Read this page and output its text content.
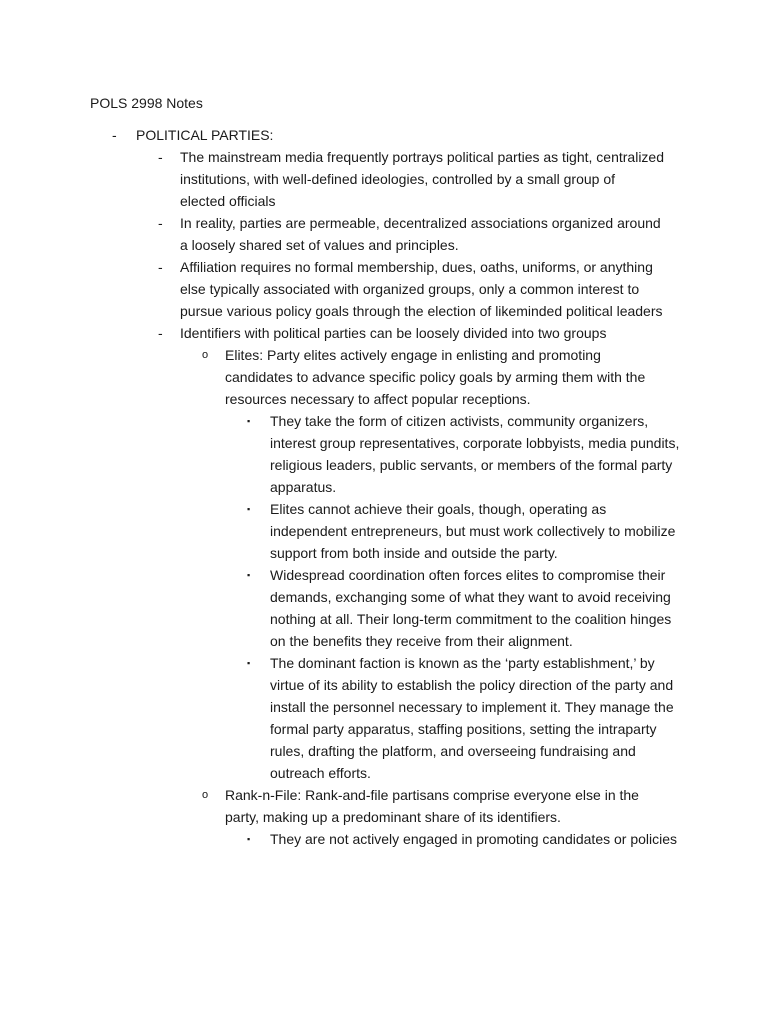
POLS 2998 Notes
- POLITICAL PARTIES:
- The mainstream media frequently portrays political parties as tight, centralized institutions, with well-defined ideologies, controlled by a small group of elected officials
- In reality, parties are permeable, decentralized associations organized around a loosely shared set of values and principles.
- Affiliation requires no formal membership, dues, oaths, uniforms, or anything else typically associated with organized groups, only a common interest to pursue various policy goals through the election of likeminded political leaders
- Identifiers with political parties can be loosely divided into two groups
o Elites: Party elites actively engage in enlisting and promoting candidates to advance specific policy goals by arming them with the resources necessary to affect popular receptions.
▪ They take the form of citizen activists, community organizers, interest group representatives, corporate lobbyists, media pundits, religious leaders, public servants, or members of the formal party apparatus.
▪ Elites cannot achieve their goals, though, operating as independent entrepreneurs, but must work collectively to mobilize support from both inside and outside the party.
▪ Widespread coordination often forces elites to compromise their demands, exchanging some of what they want to avoid receiving nothing at all. Their long-term commitment to the coalition hinges on the benefits they receive from their alignment.
▪ The dominant faction is known as the ‘party establishment,’ by virtue of its ability to establish the policy direction of the party and install the personnel necessary to implement it. They manage the formal party apparatus, staffing positions, setting the intraparty rules, drafting the platform, and overseeing fundraising and outreach efforts.
o Rank-n-File: Rank-and-file partisans comprise everyone else in the party, making up a predominant share of its identifiers.
▪ They are not actively engaged in promoting candidates or policies
